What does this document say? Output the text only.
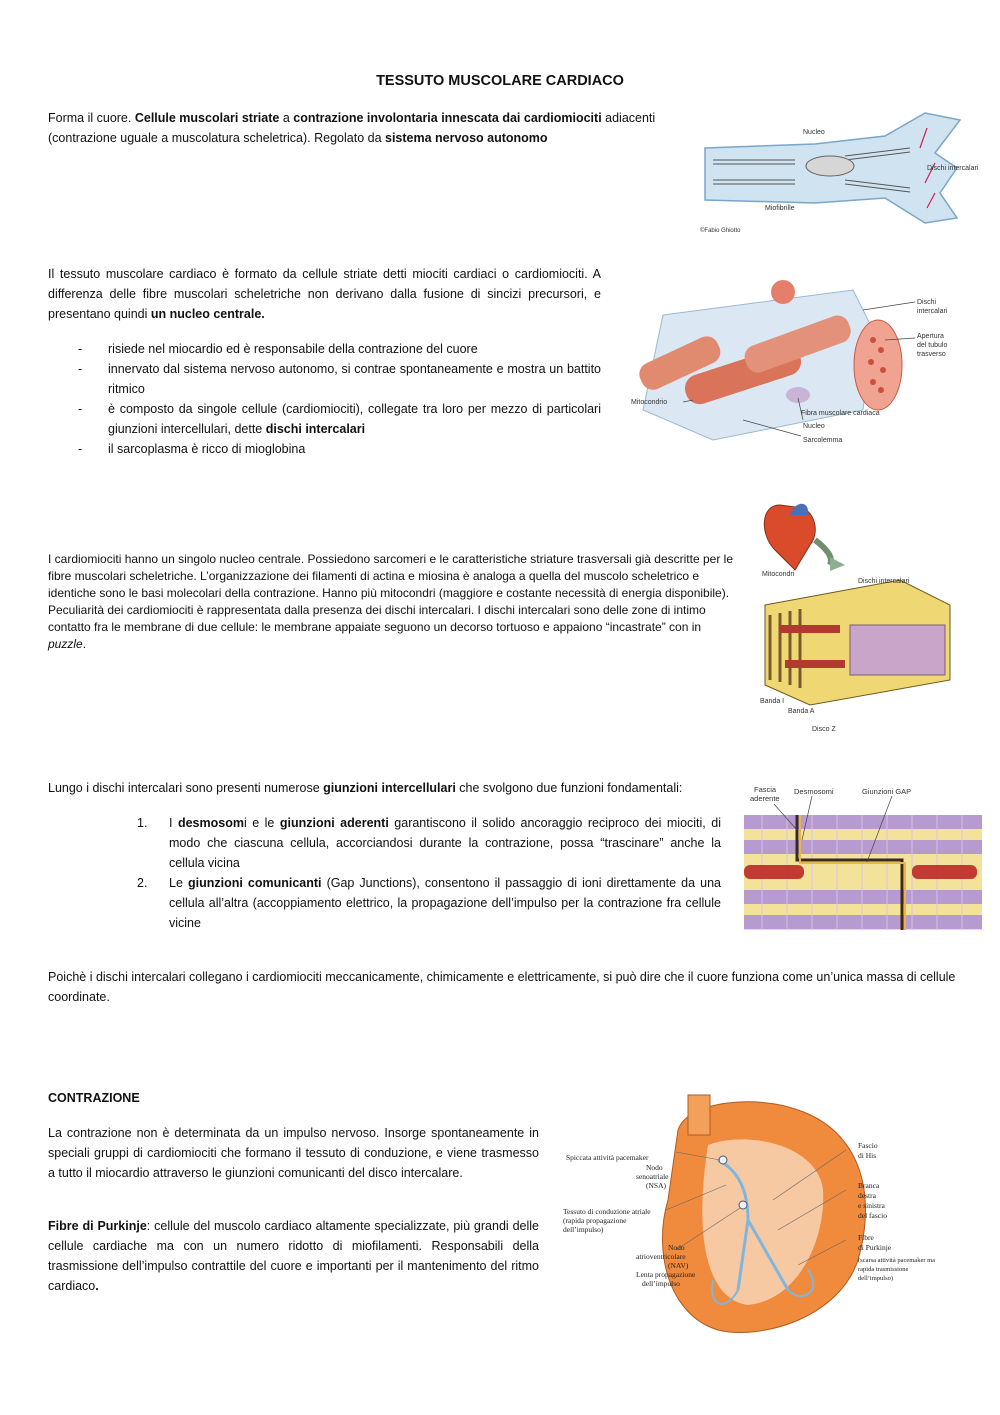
TESSUTO MUSCOLARE CARDIACO
Forma il cuore. Cellule muscolari striate a contrazione involontaria innescata dai cardiomiociti adiacenti (contrazione uguale a muscolatura scheletrica). Regolato da sistema nervoso autonomo	Nucleo
Dischi intercalari
Miofibrille
©Fabio Ghiotto
Il tessuto muscolare cardiaco è formato da cellule striate detti miociti cardiaci o cardiomiociti. A differenza delle fibre muscolari scheletriche non derivano dalla fusione di sincizi precursori, e presentano quindi un nucleo centrale.
- risiede nel miocardio ed è responsabile della contrazione del cuore
- innervato dal sistema nervoso autonomo, si contrae spontaneamente e mostra un battito ritmico
- è composto da singole cellule (cardiomiociti), collegate tra loro per mezzo di particolari giunzioni intercellulari, dette dischi intercalari
- il sarcoplasma è ricco di mioglobina
Dischi
intercalari
Apertura
del tubulo
trasverso
Mitocondrio
Fibra muscolare cardiaca
Nucleo
Sarcolemma
I cardiomiociti hanno un singolo nucleo centrale. Possiedono sarcomeri e le caratteristiche striature trasversali già descritte per le fibre muscolari scheletriche. L’organizzazione dei filamenti di actina e miosina è analoga a quella del muscolo scheletrico e identiche sono le basi molecolari della contrazione. Hanno più mitocondri (maggiore e costante necessità di energia disponibile). Peculiarità dei cardiomiociti è rappresentata dalla presenza dei dischi intercalari. I dischi intercalari sono delle zone di intimo contatto fra le membrane di due cellule: le membrane appaiate seguono un decorso tortuoso e appaiono “incastrate” con in puzzle.
Mitocondri
Dischi intercalari
Banda I
Banda A
Disco Z
Lungo i dischi intercalari sono presenti numerose giunzioni intercellulari che svolgono due funzioni fondamentali:
1. I desmosomi e le giunzioni aderenti garantiscono il solido ancoraggio reciproco dei miociti, di modo che ciascuna cellula, accorciandosi durante la contrazione, possa “trascinare” anche la cellula vicina
2. Le giunzioni comunicanti (Gap Junctions), consentono il passaggio di ioni direttamente da una cellula all’altra (accoppiamento elettrico, la propagazione dell’impulso per la contrazione fra cellule vicine
Fascia
aderente
Desmosomi	Giunzioni GAP
Poichè i dischi intercalari collegano i cardiomiociti meccanicamente, chimicamente e elettricamente, si può dire che il cuore funziona come un’unica massa di cellule coordinate.
CONTRAZIONE
La contrazione non è determinata da un impulso nervoso. Insorge spontaneamente in speciali gruppi di cardiomiociti che formano il tessuto di conduzione, e viene trasmesso a tutto il miocardio attraverso le giunzioni comunicanti del disco intercalare.
Fibre di Purkinje: cellule del muscolo cardiaco altamente specializzate, più grandi delle cellule cardiache ma con un numero ridotto di miofilamenti. Responsabili della trasmissione dell’impulso contrattile del cuore e importanti per il mantenimento del ritmo cardiaco.
Spiccata attività pacemaker
Nodo
senoatriale
(NSA)
Tessuto di conduzione atriale
(rapida propagazione
dell’impulso)
Nodo
atrioventricolare
(NAV)
Lenta propagazione
dell’impulso
Fascio
di His
Branca
destra
e sinistra
del fascio
Fibre
di Purkinje
(scarsa attività pacemaker ma
rapida trasmissione
dell’impulso)
